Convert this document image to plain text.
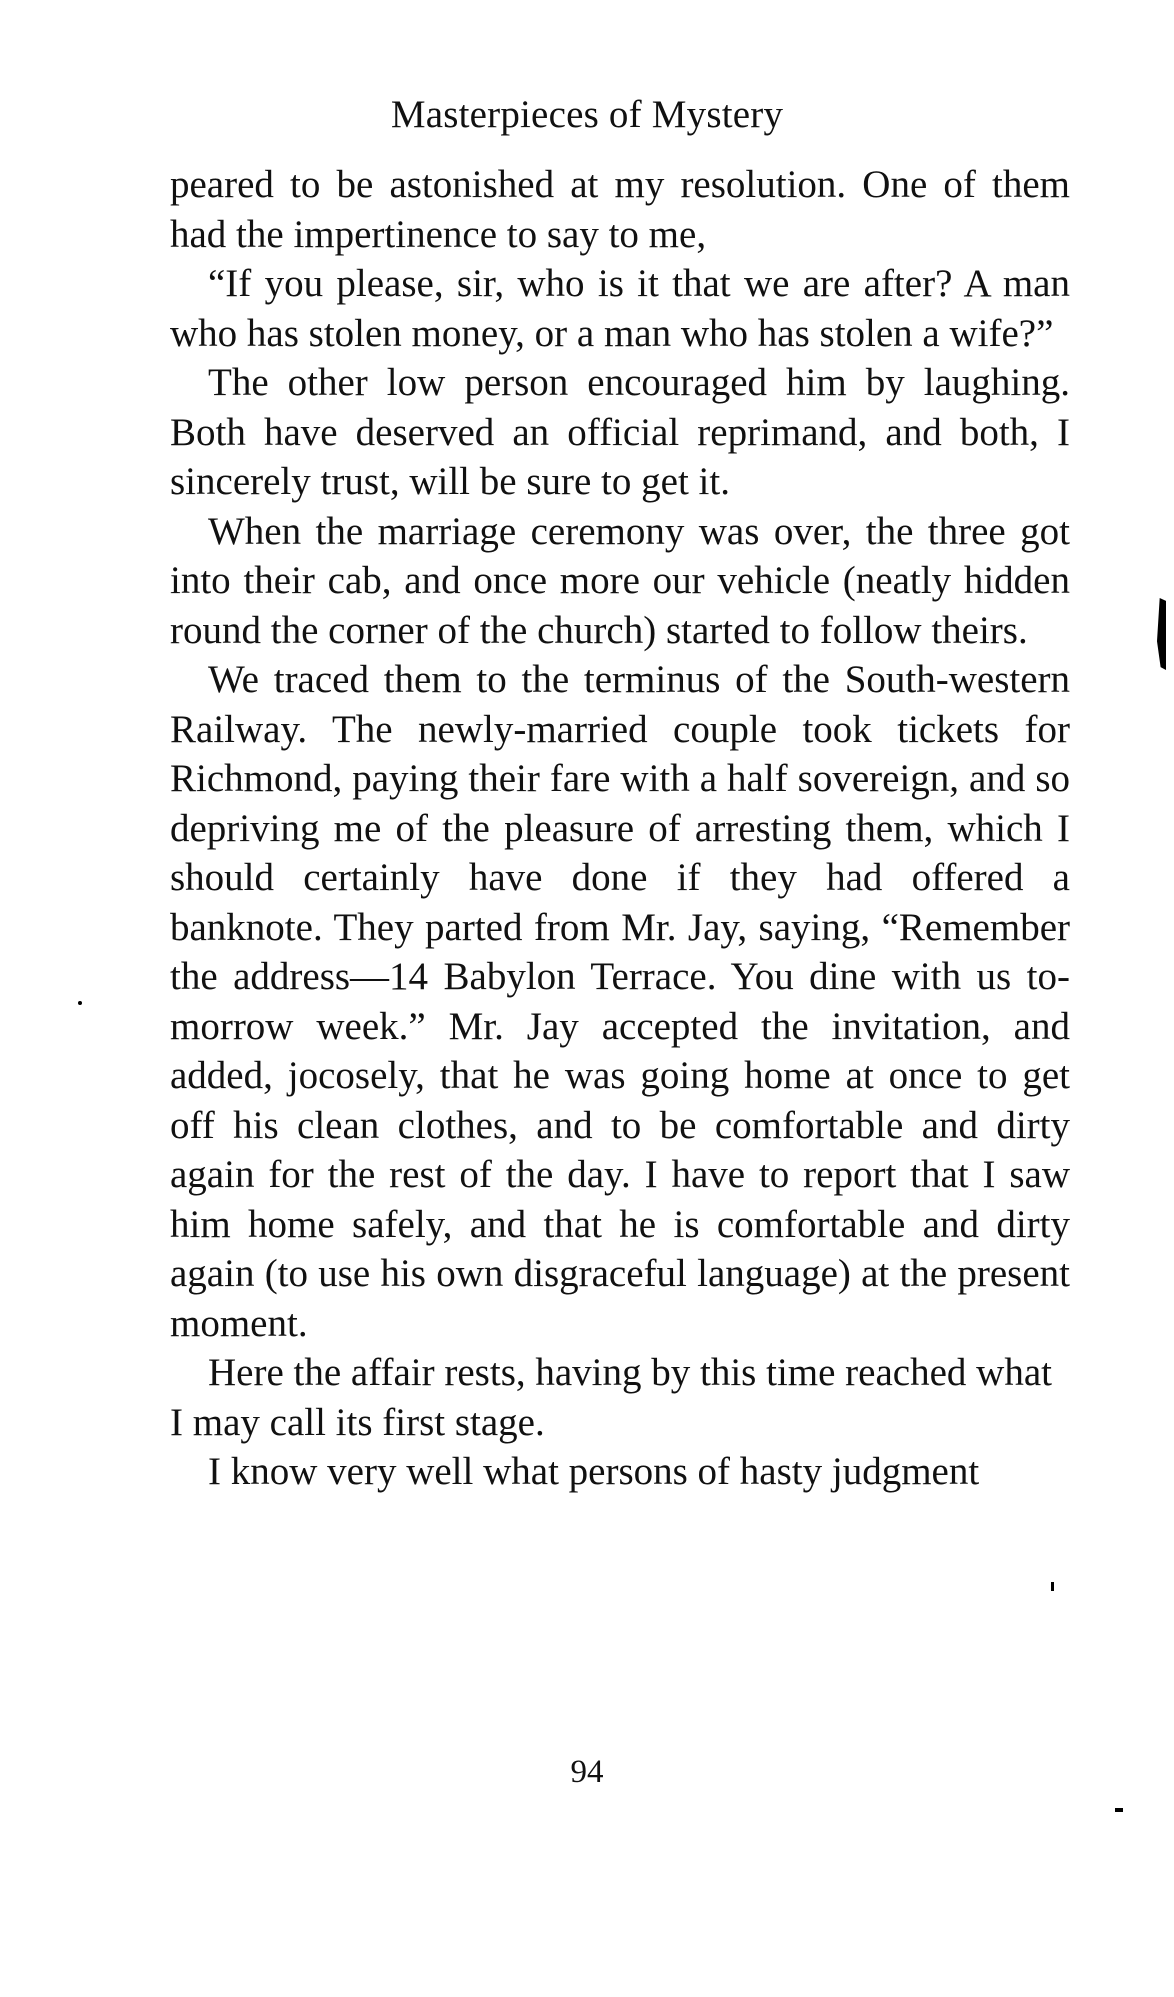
Masterpieces of Mystery

peared to be astonished at my resolution. One of them had the impertinence to say to me,

“If you please, sir, who is it that we are after? A man who has stolen money, or a man who has stolen a wife?”

The other low person encouraged him by laughing. Both have deserved an official reprimand, and both, I sincerely trust, will be sure to get it.

When the marriage ceremony was over, the three got into their cab, and once more our vehicle (neatly hidden round the corner of the church) started to follow theirs.

We traced them to the terminus of the South-western Railway. The newly-married couple took tickets for Richmond, paying their fare with a half sovereign, and so depriving me of the pleasure of arresting them, which I should certainly have done if they had offered a banknote. They parted from Mr. Jay, saying, “Remember the address—14 Babylon Terrace. You dine with us to-morrow week.” Mr. Jay accepted the invitation, and added, jocosely, that he was going home at once to get off his clean clothes, and to be comfortable and dirty again for the rest of the day. I have to report that I saw him home safely, and that he is comfortable and dirty again (to use his own disgraceful language) at the present moment.

Here the affair rests, having by this time reached what I may call its first stage.

I know very well what persons of hasty judgment

94
